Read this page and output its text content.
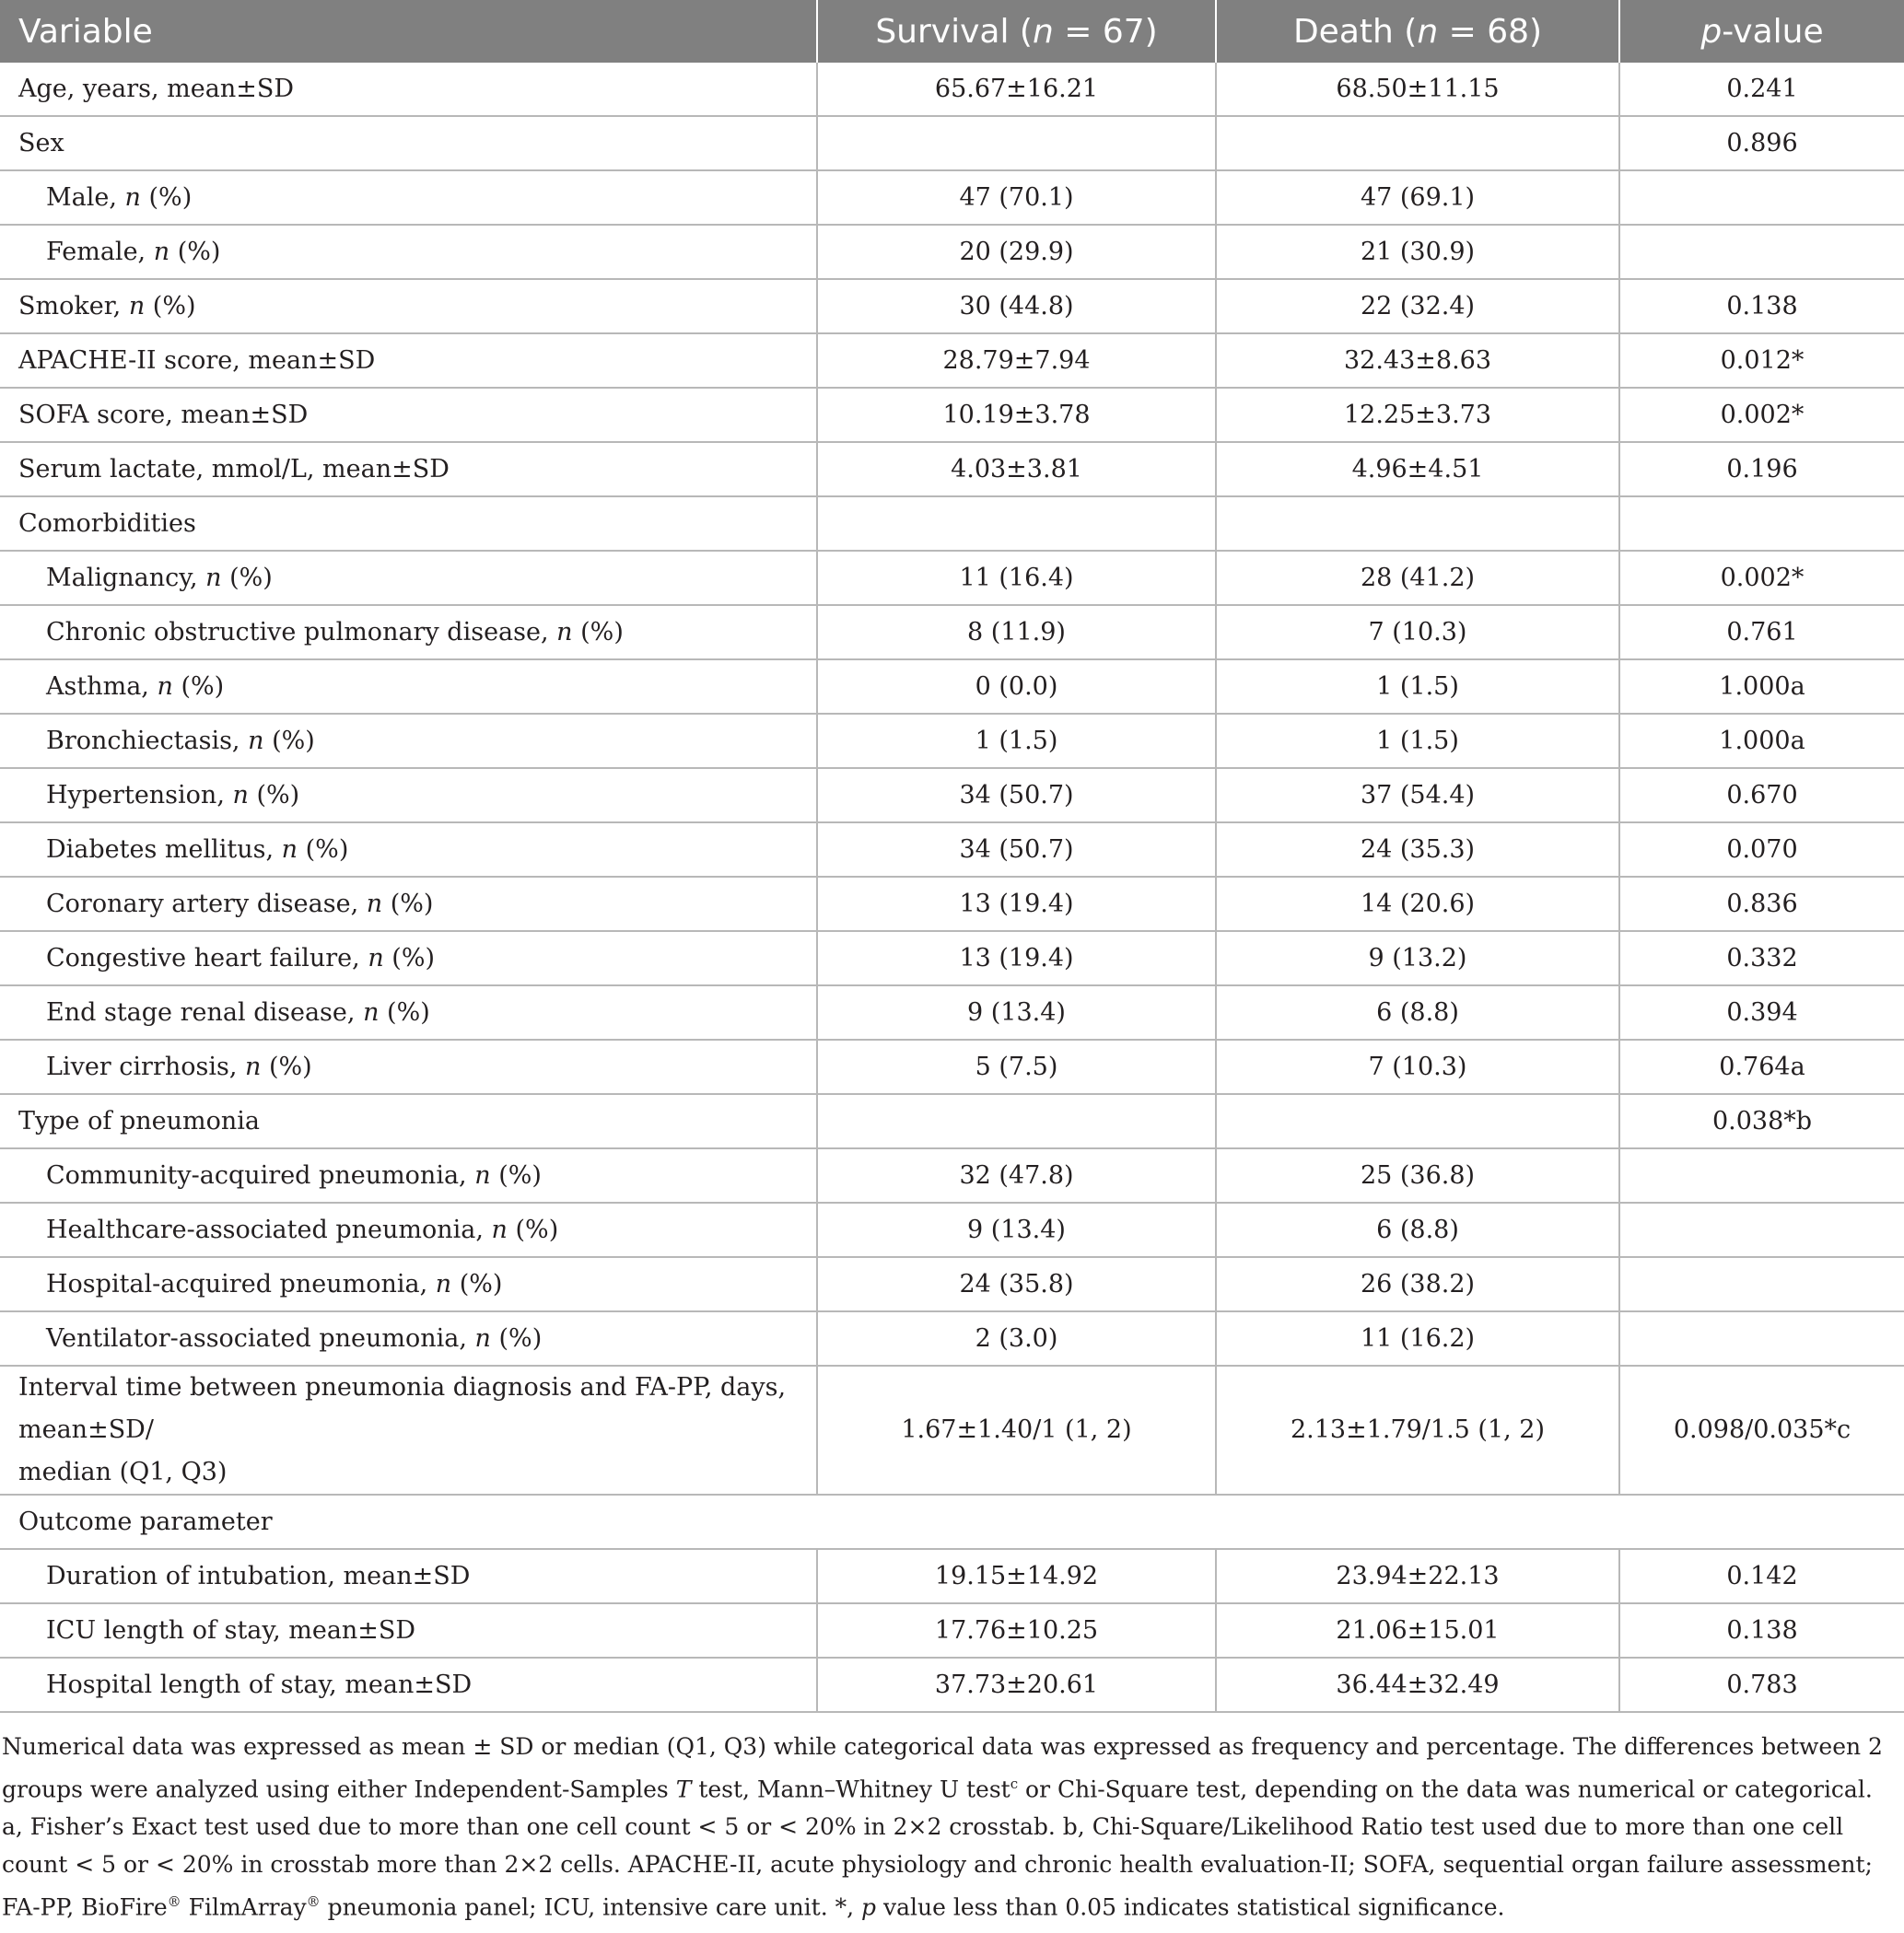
Variable	Survival (n = 67)	Death (n = 68)	p-value
Age, years, mean±SD	65.67±16.21	68.50±11.15	0.241
Sex			0.896
Male, n (%)	47 (70.1)	47 (69.1)	
Female, n (%)	20 (29.9)	21 (30.9)	
Smoker, n (%)	30 (44.8)	22 (32.4)	0.138
APACHE-II score, mean±SD	28.79±7.94	32.43±8.63	0.012*
SOFA score, mean±SD	10.19±3.78	12.25±3.73	0.002*
Serum lactate, mmol/L, mean±SD	4.03±3.81	4.96±4.51	0.196
Comorbidities			
Malignancy, n (%)	11 (16.4)	28 (41.2)	0.002*
Chronic obstructive pulmonary disease, n (%)	8 (11.9)	7 (10.3)	0.761
Asthma, n (%)	0 (0.0)	1 (1.5)	1.000a
Bronchiectasis, n (%)	1 (1.5)	1 (1.5)	1.000a
Hypertension, n (%)	34 (50.7)	37 (54.4)	0.670
Diabetes mellitus, n (%)	34 (50.7)	24 (35.3)	0.070
Coronary artery disease, n (%)	13 (19.4)	14 (20.6)	0.836
Congestive heart failure, n (%)	13 (19.4)	9 (13.2)	0.332
End stage renal disease, n (%)	9 (13.4)	6 (8.8)	0.394
Liver cirrhosis, n (%)	5 (7.5)	7 (10.3)	0.764a
Type of pneumonia			0.038*b
Community-acquired pneumonia, n (%)	32 (47.8)	25 (36.8)	
Healthcare-associated pneumonia, n (%)	9 (13.4)	6 (8.8)	
Hospital-acquired pneumonia, n (%)	24 (35.8)	26 (38.2)	
Ventilator-associated pneumonia, n (%)	2 (3.0)	11 (16.2)	
Interval time between pneumonia diagnosis and FA-PP, days, mean±SD/
median (Q1, Q3)	1.67±1.40/1 (1, 2)	2.13±1.79/1.5 (1, 2)	0.098/0.035*c
Outcome parameter			
Duration of intubation, mean±SD	19.15±14.92	23.94±22.13	0.142
ICU length of stay, mean±SD	17.76±10.25	21.06±15.01	0.138
Hospital length of stay, mean±SD	37.73±20.61	36.44±32.49	0.783

Numerical data was expressed as mean ± SD or median (Q1, Q3) while categorical data was expressed as frequency and percentage. The differences between 2 groups were analyzed using either Independent-Samples T test, Mann–Whitney U test$^c$ or Chi-Square test, depending on the data was numerical or categorical. a, Fisher’s Exact test used due to more than one cell count < 5 or < 20% in 2×2 crosstab. b, Chi-Square/Likelihood Ratio test used due to more than one cell count < 5 or < 20% in crosstab more than 2×2 cells. APACHE-II, acute physiology and chronic health evaluation-II; SOFA, sequential organ failure assessment; FA-PP, BioFire® FilmArray® pneumonia panel; ICU, intensive care unit. *, p value less than 0.05 indicates statistical significance.
